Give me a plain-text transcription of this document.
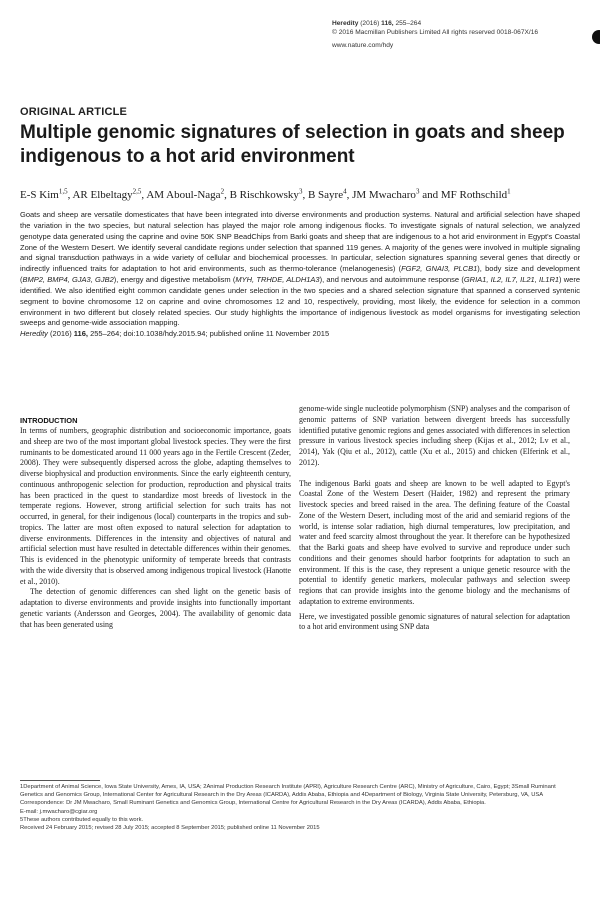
Heredity (2016) 116, 255–264
© 2016 Macmillan Publishers Limited All rights reserved 0018-067X/16
www.nature.com/hdy
ORIGINAL ARTICLE
Multiple genomic signatures of selection in goats and sheep indigenous to a hot arid environment

E-S Kim$^{1,5}$, AR Elbeltagy$^{2,5}$, AM Aboul-Naga$^2$, B Rischkowsky$^3$, B Sayre$^4$, JM Mwacharo$^3$ and MF Rothschild$^1$

Goats and sheep are versatile domesticates that have been integrated into diverse environments and production systems. Natural and artificial selection have shaped the variation in the two species, but natural selection has played the major role among indigenous flocks. To investigate signals of natural selection, we analyzed genotype data generated using the caprine and ovine 50K SNP BeadChips from Barki goats and sheep that are indigenous to a hot arid environment in Egypt's Coastal Zone of the Western Desert. We identify several candidate regions under selection that spanned 119 genes. A majority of the genes were involved in multiple signaling and signal transduction pathways in a wide variety of cellular and biochemical processes. In particular, selection signatures spanning several genes that directly or indirectly influenced traits for adaptation to hot arid environments, such as thermo-tolerance (melanogenesis) (FGF2, GNAI3, PLCB1), body size and development (BMP2, BMP4, GJA3, GJB2), energy and digestive metabolism (MYH, TRHDE, ALDH1A3), and nervous and autoimmune response (GRIA1, IL2, IL7, IL21, IL1R1) were identified. We also identified eight common candidate genes under selection in the two species and a shared selection signature that spanned a conserved syntenic segment to bovine chromosome 12 on caprine and ovine chromosomes 12 and 10, respectively, providing, most likely, the evidence for selection in a common environment in two different but closely related species. Our study highlights the importance of indigenous livestock as model organisms for investigating selection sweeps and genome-wide association mapping.
Heredity (2016) 116, 255–264; doi:10.1038/hdy.2015.94; published online 11 November 2015

INTRODUCTION

In terms of numbers, geographic distribution and socioeconomic importance, goats and sheep are two of the most important global livestock species. They were the first ruminants to be domesticated around 11 000 years ago in the Fertile Crescent (Zeder, 2008). They were subsequently dispersed across the globe, adapting themselves to diverse biophysical and production environments. Since the early eighteenth century, continuous anthropogenic selection for production, reproduction and physical traits has been practiced in the quest to standardize most breeds of livestock in the temperate regions. However, strong artificial selection for such traits has not occurred, in general, for their indigenous (local) counterparts in the tropics and sub-tropics. The latter are most often exposed to natural selection for adaptation to diverse environments. Differences in the intensity and objectives of natural and artificial selection must have resulted in detectable differences within their genomes. This is evidenced in the phenotypic uniformity of temperate breeds that contrasts with the wide diversity that is observed among indigenous tropical livestock (Hanotte et al., 2010).

The detection of genomic differences can shed light on the genetic basis of adaptation to diverse environments and provide insights into functionally important genetic variants (Andersson and Georges, 2004). The availability of genomic data that has been generated using

genome-wide single nucleotide polymorphism (SNP) analyses and the comparison of genomic patterns of SNP variation between divergent breeds has successfully identified putative genomic regions and genes associated with differences in selection pressure in various livestock species including sheep (Kijas et al., 2012; Lv et al., 2014), Yak (Qiu et al., 2012), cattle (Xu et al., 2015) and chicken (Elferink et al., 2012).

The indigenous Barki goats and sheep are known to be well adapted to Egypt's Coastal Zone of the Western Desert (Haider, 1982) and represent the primary livestock species and breed raised in the area. The defining feature of the Coastal Zone of the Western Desert, including most of the arid and semiarid regions of the world, is intense solar radiation, high diurnal temperatures, low precipitation, and water and feed scarcity almost throughout the year. It therefore can be hypothesized that the Barki goats and sheep have evolved to survive and reproduce under such conditions and their genomes should harbor footprints for adaptation to such an environment. If this is the case, they represent a unique genetic resource with the potential to identify genetic markers, molecular pathways and selection sweep regions that can provide insights into the genome biology and the mechanisms of adaptation to extreme environments.

Here, we investigated possible genomic signatures of natural selection for adaptation to a hot arid environment using SNP data

1Department of Animal Science, Iowa State University, Ames, IA, USA; 2Animal Production Research Institute (APRI), Agriculture Research Centre (ARC), Ministry of Agriculture, Cairo, Egypt; 3Small Ruminant Genetics and Genomics Group, International Center for Agricultural Research in the Dry Areas (ICARDA), Addis Ababa, Ethiopia and 4Department of Biology, Virginia State University, Petersburg, VA, USA
Correspondence: Dr JM Mwacharo, Small Ruminant Genetics and Genomics Group, International Centre for Agricultural Research in the Dry Areas (ICARDA), Addis Ababa, Ethiopia.
E-mail: j.mwacharo@cgiar.org
5These authors contributed equally to this work.
Received 24 February 2015; revised 28 July 2015; accepted 8 September 2015; published online 11 November 2015
